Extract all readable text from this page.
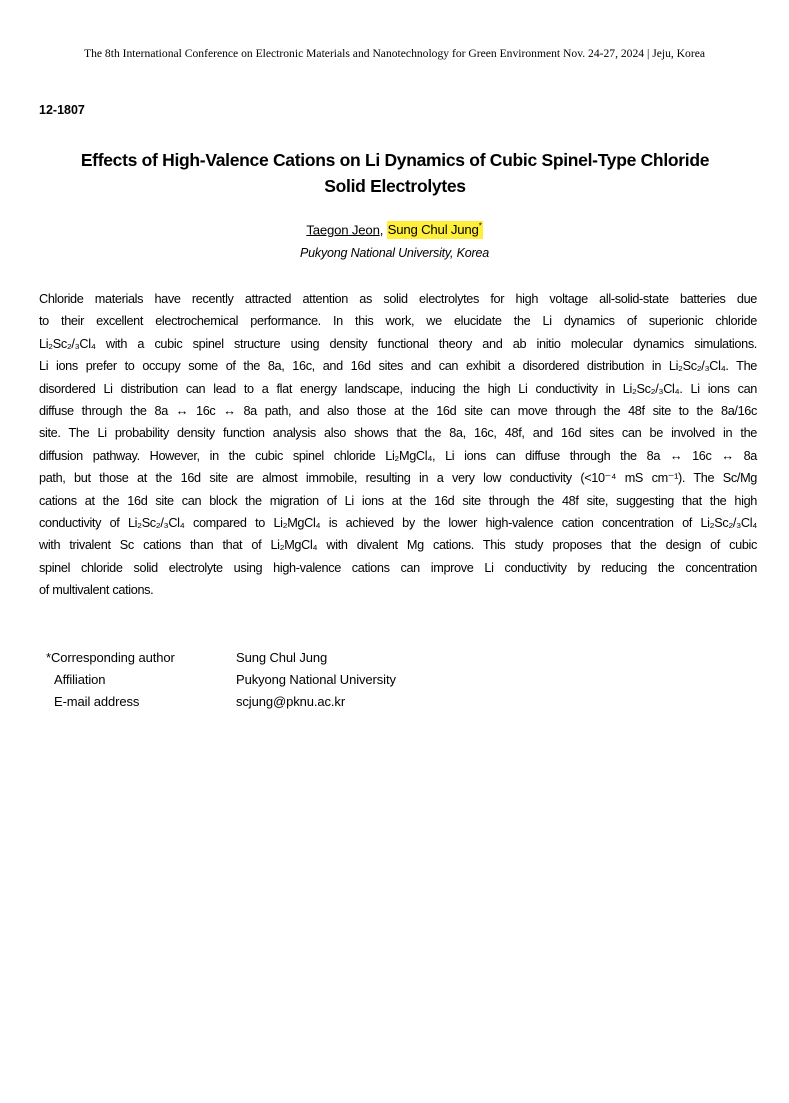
The 8th International Conference on Electronic Materials and Nanotechnology for Green Environment Nov. 24-27, 2024 | Jeju, Korea
12-1807
Effects of High-Valence Cations on Li Dynamics of Cubic Spinel-Type Chloride
Solid Electrolytes
Taegon Jeon, Sung Chul Jung*
Pukyong National University, Korea
Chloride materials have recently attracted attention as solid electrolytes for high voltage all-solid-state batteries due
to their excellent electrochemical performance. In this work, we elucidate the Li dynamics of superionic chloride
Li₂Sc₂/₃Cl₄ with a cubic spinel structure using density functional theory and ab initio molecular dynamics simulations.
Li ions prefer to occupy some of the 8a, 16c, and 16d sites and can exhibit a disordered distribution in Li₂Sc₂/₃Cl₄. The
disordered Li distribution can lead to a flat energy landscape, inducing the high Li conductivity in Li₂Sc₂/₃Cl₄. Li ions can
diffuse through the 8a ↔ 16c ↔ 8a path, and also those at the 16d site can move through the 48f site to the 8a/16c
site. The Li probability density function analysis also shows that the 8a, 16c, 48f, and 16d sites can be involved in the
diffusion pathway. However, in the cubic spinel chloride Li₂MgCl₄, Li ions can diffuse through the 8a ↔ 16c ↔ 8a
path, but those at the 16d site are almost immobile, resulting in a very low conductivity (<10⁻⁴ mS cm⁻¹). The Sc/Mg
cations at the 16d site can block the migration of Li ions at the 16d site through the 48f site, suggesting that the high
conductivity of Li₂Sc₂/₃Cl₄ compared to Li₂MgCl₄ is achieved by the lower high-valence cation concentration of Li₂Sc₂/₃Cl₄
with trivalent Sc cations than that of Li₂MgCl₄ with divalent Mg cations. This study proposes that the design of cubic
spinel chloride solid electrolyte using high-valence cations can improve Li conductivity by reducing the concentration
of multivalent cations.
*Corresponding author	Sung Chul Jung
Affiliation	Pukyong National University
E-mail address	scjung@pknu.ac.kr
